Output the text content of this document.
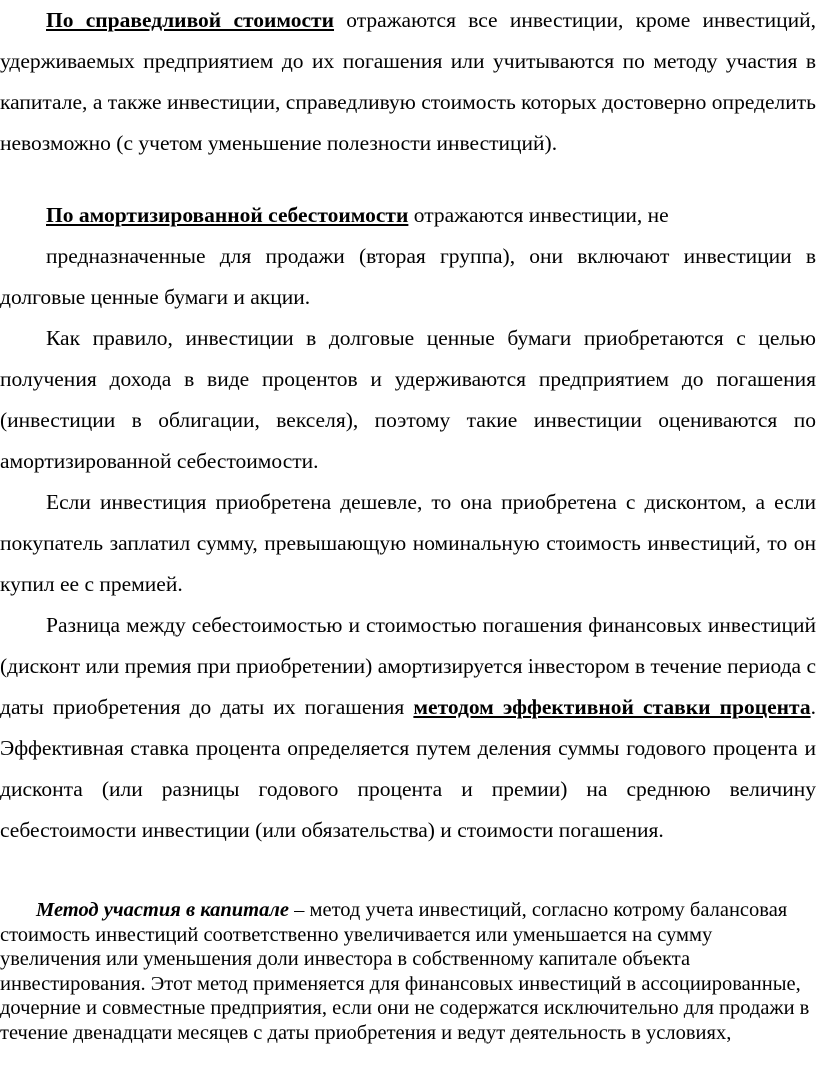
По справедливой стоимости отражаются все инвестиции, кроме инвестиций, удерживаемых предприятием до их погашения или учитываются по методу участия в капитале, а также инвестиции, справедливую стоимость которых достоверно определить невозможно (с учетом уменьшение полезности инвестиций).

По амортизированной себестоимости отражаются инвестиции, не

предназначенные для продажи (вторая группа), они включают инвестиции в долговые ценные бумаги и акции.

Как правило, инвестиции в долговые ценные бумаги приобретаются с целью получения дохода в виде процентов и удерживаются предприятием до погашения (инвестиции в облигации, векселя), поэтому такие инвестиции оцениваются по амортизированной себестоимости.

Если инвестиция приобретена дешевле, то она приобретена с дисконтом, а если покупатель заплатил сумму, превышающую номинальную стоимость инвестиций, то он купил ее с премией.

Разница между себестоимостью и стоимостью погашения финансовых инвестиций (дисконт или премия при приобретении) амортизируется інвестором в течение периода с даты приобретения до даты их погашения методом эффективной ставки процента. Эффективная ставка процента определяется путем деления суммы годового процента и дисконта (или разницы годового процента и премии) на среднюю величину себестоимости инвестиции (или обязательства) и стоимости погашения.

Метод участия в капитале – метод учета инвестиций, согласно котрому балансовая стоимость инвестиций соответственно увеличивается или уменьшается на сумму увеличения или уменьшения доли инвестора в собственному капитале объекта инвестирования. Этот метод применяется для финансовых инвестиций в ассоциированные, дочерние и совместные предприятия, если они не содержатся исключительно для продажи в течение двенадцати месяцев с даты приобретения и ведут деятельность в условиях,
